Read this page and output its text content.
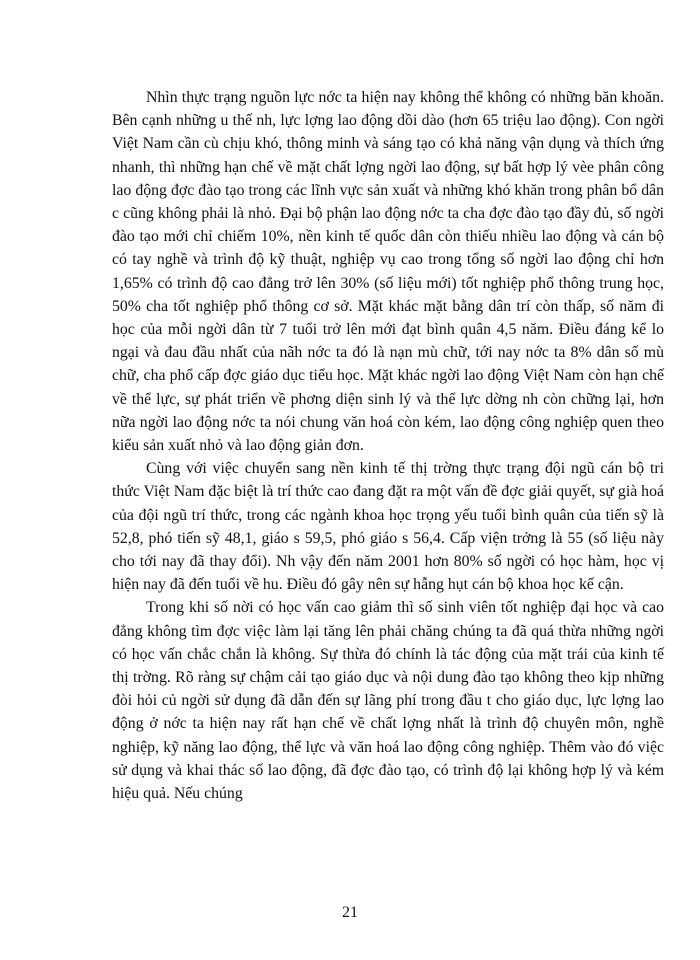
Nhìn thực trạng nguồn lực nớc ta hiện nay không thể không có những băn khoăn. Bên cạnh những u thế nh, lực lợng lao động dồi dào (hơn 65 triệu lao động). Con ngời Việt Nam cần cù chịu khó, thông minh và sáng tạo có khả năng vận dụng và thích ứng nhanh, thì những hạn chế về mặt chất lợng ngời lao động, sự bất hợp lý vèe phân công lao động đợc đào tạo trong các lĩnh vực sản xuất và những khó khăn trong phân bổ dân c cũng không phải là nhỏ. Đại bộ phận lao động nớc ta cha đợc đào tạo đầy đủ, số ngời đào tạo mới chỉ chiếm 10%, nền kinh tế quốc dân còn thiếu nhiều lao động và cán bộ có tay nghề và trình độ kỹ thuật, nghiệp vụ cao trong tổng số ngời lao động chỉ hơn 1,65% có trình độ cao đẳng trở lên 30% (số liệu mới) tốt nghiệp phổ thông trung học, 50% cha tốt nghiệp phổ thông cơ sở. Mặt khác mặt bằng dân trí còn thấp, số năm đi học của mỗi ngời dân từ 7 tuổi trở lên mới đạt bình quân 4,5 năm. Điều đáng kể lo ngại và đau đầu nhất của nãh nớc ta đó là nạn mù chữ, tới nay nớc ta 8% dân số mù chữ, cha phổ cấp đợc giáo dục tiểu học. Mặt khác ngời lao động Việt Nam còn hạn chế về thể lực, sự phát triển về phơng diện sinh lý và thể lực dờng nh còn chững lại, hơn nữa ngời lao động nớc ta nói chung văn hoá còn kém, lao động công nghiệp quen theo kiểu sản xuất nhỏ và lao động giản đơn.

Cùng với việc chuyển sang nền kinh tế thị trờng thực trạng đội ngũ cán bộ tri thức Việt Nam đặc biệt là trí thức cao đang đặt ra một vấn đề đợc giải quyết, sự già hoá của đội ngũ trí thức, trong các ngành khoa học trọng yếu tuổi bình quân của tiến sỹ là 52,8, phó tiến sỹ 48,1, giáo s 59,5, phó giáo s 56,4. Cấp viện trởng là 55 (số liệu này cho tới nay đã thay đổi). Nh vậy đến năm 2001 hơn 80% số ngời có học hàm, học vị hiện nay đã đến tuổi về hu. Điều đó gây nên sự hẫng hụt cán bộ khoa học kế cận.

Trong khi số nời có học vấn cao giảm thì số sinh viên tốt nghiệp đại học và cao đẳng không tìm đợc việc làm lại tăng lên phải chăng chúng ta đã quá thừa những ngời có học vấn chắc chắn là không. Sự thừa đó chính là tác động của mặt trái của kinh tế thị trờng. Rõ ràng sự chậm cải tạo giáo dục và nội dung đào tạo không theo kịp những đòi hỏi củ ngời sử dụng đã dẫn đến sự lãng phí trong đầu t cho giáo dục, lực lợng lao động ở nớc ta hiện nay rất hạn chế về chất lợng nhất là trình độ chuyên môn, nghề nghiệp, kỹ năng lao động, thể lực và văn hoá lao động công nghiệp. Thêm vào đó việc sử dụng và khai thác số lao động, đã đợc đào tạo, có trình độ lại không hợp lý và kém hiệu quả. Nếu chúng

21
